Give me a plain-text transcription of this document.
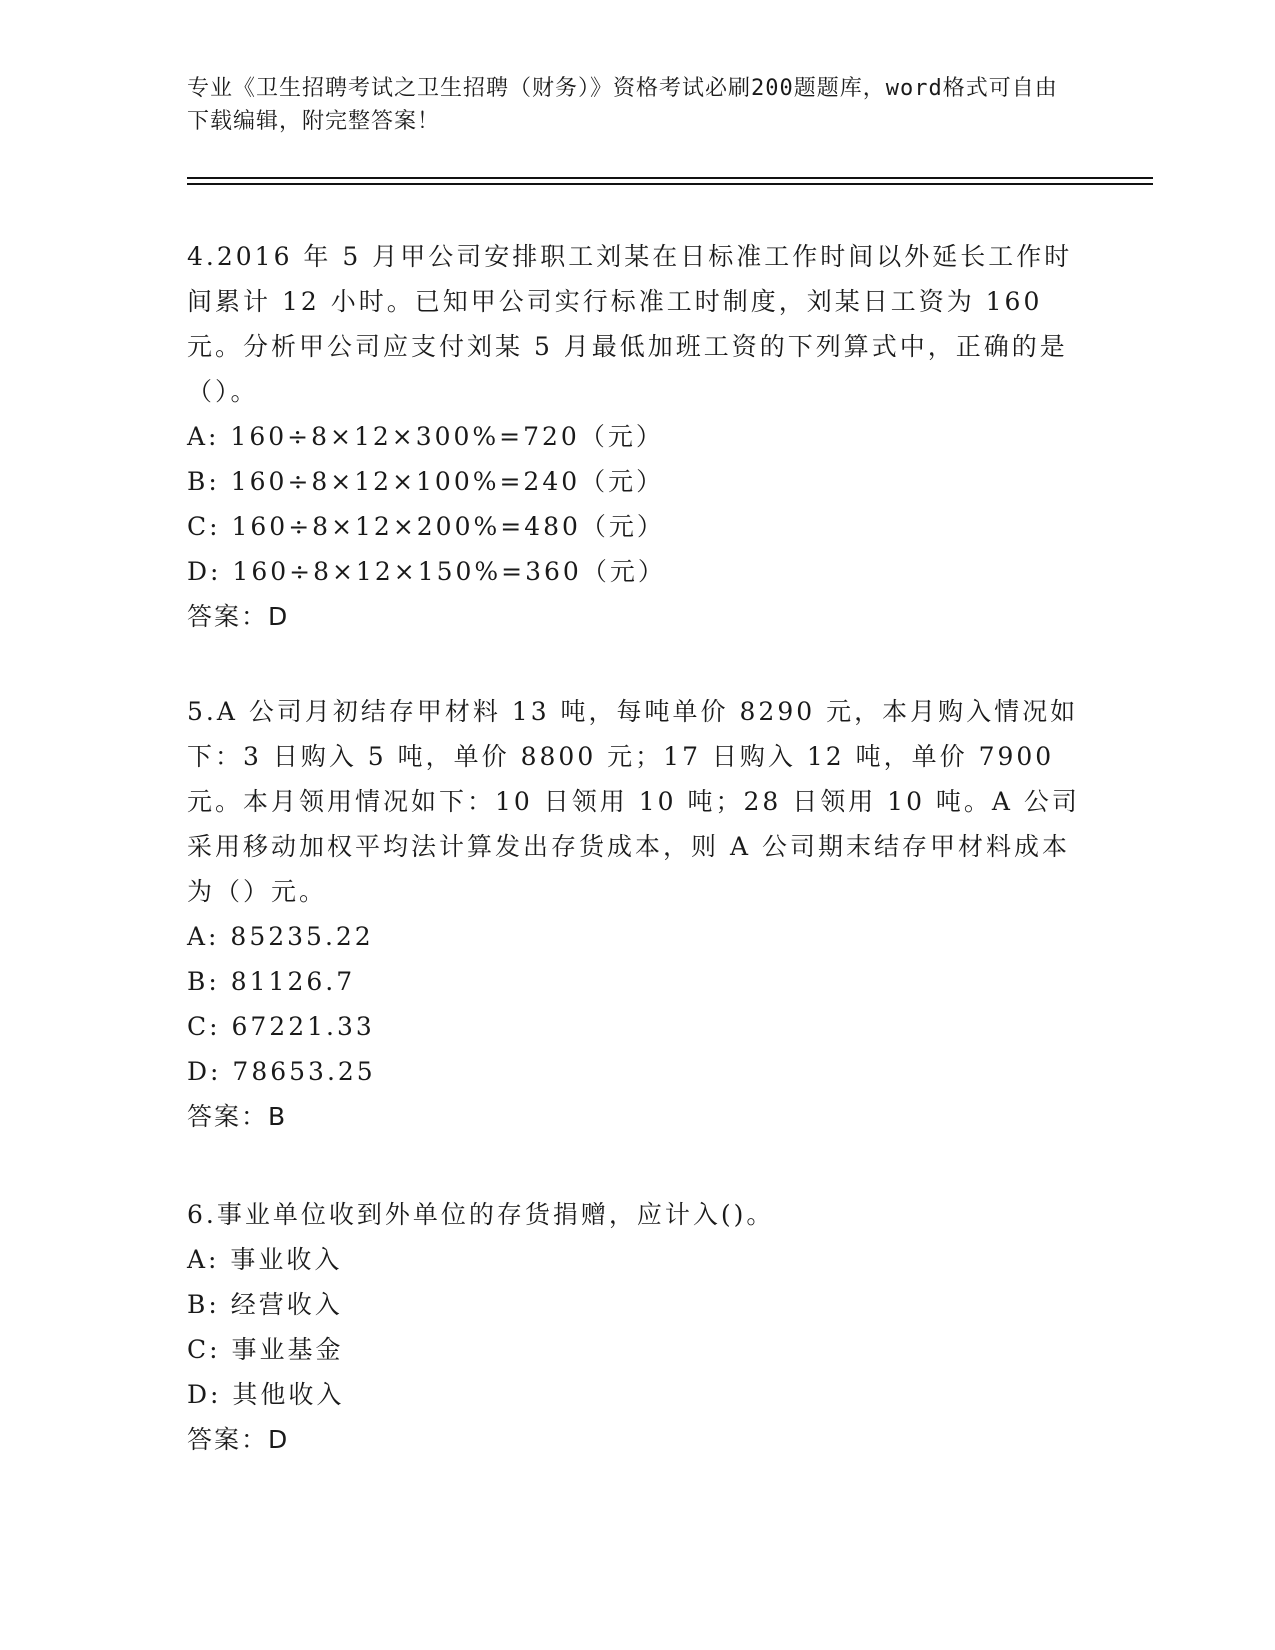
专业《卫生招聘考试之卫生招聘（财务）》资格考试必刷200题题库，word格式可自由下载编辑，附完整答案！

4.2016 年 5 月甲公司安排职工刘某在日标准工作时间以外延长工作时间累计 12 小时。已知甲公司实行标准工时制度，刘某日工资为 160 元。分析甲公司应支付刘某 5 月最低加班工资的下列算式中，正确的是（）。

A: 160÷8×12×300%=720（元）

B: 160÷8×12×100%=240（元）

C: 160÷8×12×200%=480（元）

D: 160÷8×12×150%=360（元）

答案：D

5.A 公司月初结存甲材料 13 吨，每吨单价 8290 元，本月购入情况如下：3 日购入 5 吨，单价 8800 元；17 日购入 12 吨，单价 7900 元。本月领用情况如下：10 日领用 10 吨；28 日领用 10 吨。A 公司采用移动加权平均法计算发出存货成本，则 A 公司期末结存甲材料成本为（）元。

A: 85235.22

B: 81126.7

C: 67221.33

D: 78653.25

答案：B

6.事业单位收到外单位的存货捐赠，应计入()。

A: 事业收入

B: 经营收入

C: 事业基金

D: 其他收入

答案：D
